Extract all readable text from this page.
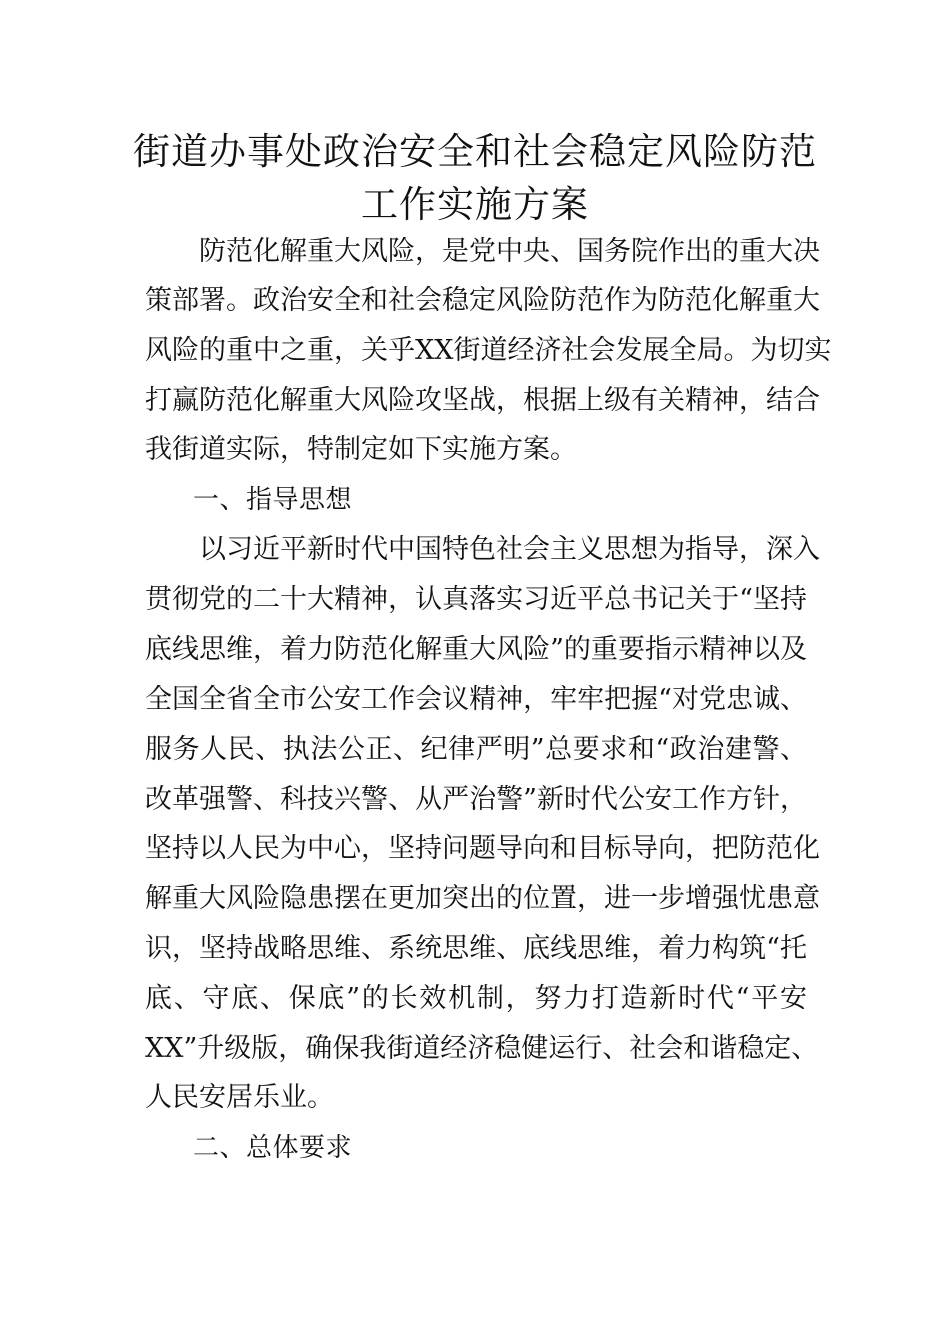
街道办事处政治安全和社会稳定风险防范
工作实施方案
防范化解重大风险，是党中央、国务院作出的重大决
策部署。政治安全和社会稳定风险防范作为防范化解重大
风险的重中之重，关乎XX街道经济社会发展全局。为切实
打赢防范化解重大风险攻坚战，根据上级有关精神，结合
我街道实际，特制定如下实施方案。
一、指导思想
以习近平新时代中国特色社会主义思想为指导，深入
贯彻党的二十大精神，认真落实习近平总书记关于“坚持
底线思维，着力防范化解重大风险”的重要指示精神以及
全国全省全市公安工作会议精神，牢牢把握“对党忠诚、
服务人民、执法公正、纪律严明”总要求和“政治建警、
改革强警、科技兴警、从严治警”新时代公安工作方针，
坚持以人民为中心，坚持问题导向和目标导向，把防范化
解重大风险隐患摆在更加突出的位置，进一步增强忧患意
识，坚持战略思维、系统思维、底线思维，着力构筑“托
底、守底、保底”的长效机制，努力打造新时代“平安
XX”升级版，确保我街道经济稳健运行、社会和谐稳定、
人民安居乐业。
二、总体要求
